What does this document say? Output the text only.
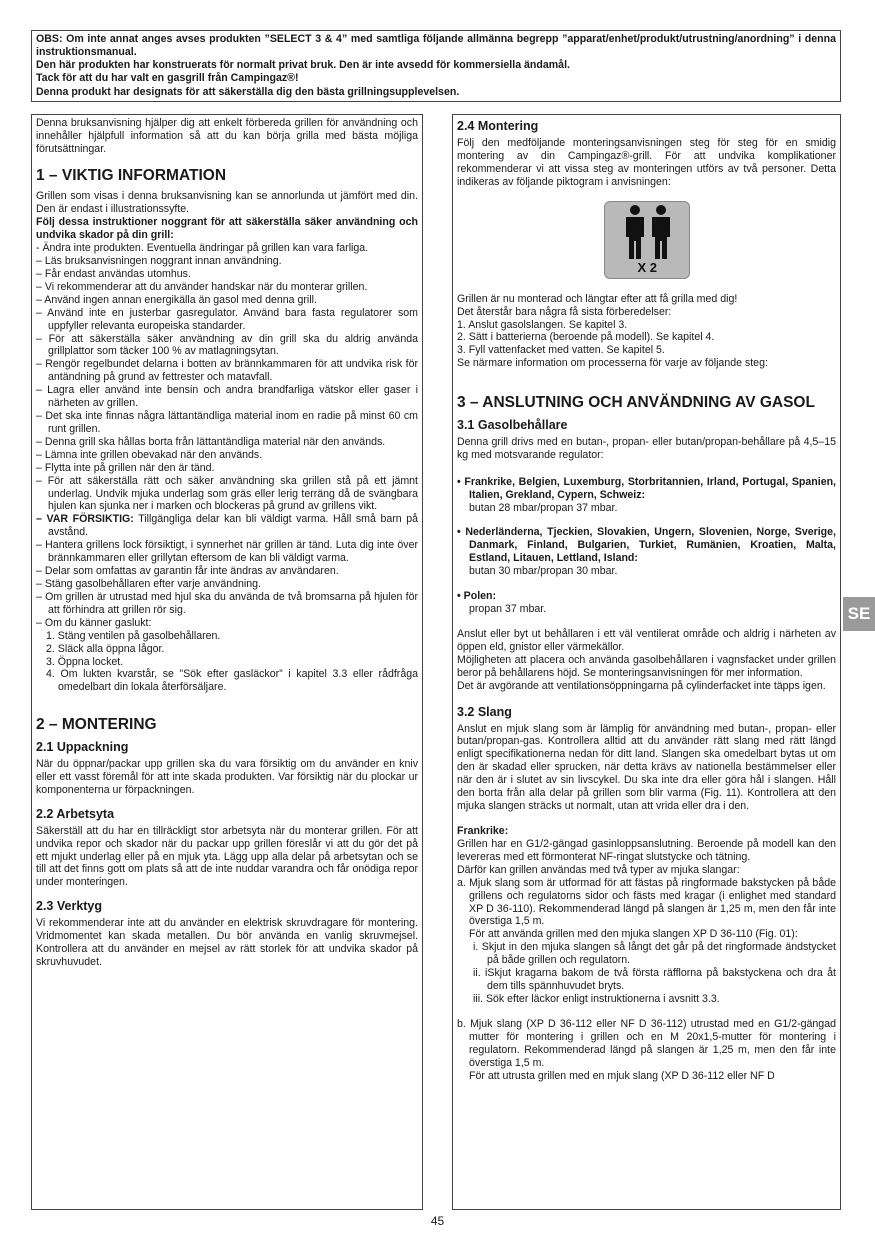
OBS: Om inte annat anges avses produkten ”SELECT 3 & 4” med samtliga följande allmänna begrepp ”apparat/enhet/produkt/utrustning/anordning” i denna instruktionsmanual.

Den här produkten har konstruerats för normalt privat bruk. Den är inte avsedd för kommersiella ändamål.

Tack för att du har valt en gasgrill från Campingaz®!

Denna produkt har designats för att säkerställa dig den bästa grillningsupplevelsen.

Denna bruksanvisning hjälper dig att enkelt förbereda grillen för användning och innehåller hjälpfull information så att du kan börja grilla med bästa möjliga förutsättningar.

1 – VIKTIG INFORMATION

Grillen som visas i denna bruksanvisning kan se annorlunda ut jämfört med din. Den är endast i illustrationssyfte.

Följ dessa instruktioner noggrant för att säkerställa säker användning och undvika skador på din grill:

- Ändra inte produkten. Eventuella ändringar på grillen kan vara farliga.
– Läs bruksanvisningen noggrant innan användning.
– Får endast användas utomhus.
– Vi rekommenderar att du använder handskar när du monterar grillen.
– Använd ingen annan energikälla än gasol med denna grill.
– Använd inte en justerbar gasregulator. Använd bara fasta regulatorer som uppfyller relevanta europeiska standarder.
– För att säkerställa säker användning av din grill ska du aldrig använda grillplattor som täcker 100 % av matlagningsytan.
– Rengör regelbundet delarna i botten av brännkammaren för att undvika risk för antändning på grund av fettrester och matavfall.
– Lagra eller använd inte bensin och andra brandfarliga vätskor eller gaser i närheten av grillen.
– Det ska inte finnas några lättantändliga material inom en radie på minst 60 cm runt grillen.
– Denna grill ska hållas borta från lättantändliga material när den används.
– Lämna inte grillen obevakad när den används.
– Flytta inte på grillen när den är tänd.
– För att säkerställa rätt och säker användning ska grillen stå på ett jämnt underlag. Undvik mjuka underlag som gräs eller lerig terräng då de svängbara hjulen kan sjunka ner i marken och blockeras på grund av grillens vikt.
– VAR FÖRSIKTIG: Tillgängliga delar kan bli väldigt varma. Håll små barn på avstånd.
– Hantera grillens lock försiktigt, i synnerhet när grillen är tänd. Luta dig inte över brännkammaren eller grillytan eftersom de kan bli väldigt varma.
– Delar som omfattas av garantin får inte ändras av användaren.
– Stäng gasolbehållaren efter varje användning.
– Om grillen är utrustad med hjul ska du använda de två bromsarna på hjulen för att förhindra att grillen rör sig.
– Om du känner gaslukt:
1. Stäng ventilen på gasolbehållaren.
2. Släck alla öppna lågor.
3. Öppna locket.
4. Om lukten kvarstår, se ”Sök efter gasläckor” i kapitel 3.3 eller rådfråga omedelbart din lokala återförsäljare.
2 – MONTERING
2.1 Uppackning

När du öppnar/packar upp grillen ska du vara försiktig om du använder en kniv eller ett vasst föremål för att inte skada produkten. Var försiktig när du plockar ur komponenterna ur förpackningen.

2.2 Arbetsyta

Säkerställ att du har en tillräckligt stor arbetsyta när du monterar grillen. För att undvika repor och skador när du packar upp grillen föreslår vi att du gör det på ett mjukt underlag eller på en mjuk yta. Lägg upp alla delar på arbetsytan och se till att det finns gott om plats så att de inte nuddar varandra och får onödiga repor under monteringen.

2.3 Verktyg

Vi rekommenderar inte att du använder en elektrisk skruvdragare för montering. Vridmomentet kan skada metallen. Du bör använda en vanlig skruvmejsel. Kontrollera att du använder en mejsel av rätt storlek för att undvika skador på skruvhuvudet.

2.4 Montering

Följ den medföljande monteringsanvisningen steg för steg för en smidig montering av din Campingaz®-grill. För att undvika komplikationer rekommenderar vi att vissa steg av monteringen utförs av två personer. Detta indikeras av följande piktogram i anvisningen:

X 2

Grillen är nu monterad och längtar efter att få grilla med dig!

Det återstår bara några få sista förberedelser:

1. Anslut gasolslangen. Se kapitel 3.

2. Sätt i batterierna (beroende på modell). Se kapitel 4.

3. Fyll vattenfacket med vatten. Se kapitel 5.

Se närmare information om processerna för varje av följande steg:

3 – ANSLUTNING OCH ANVÄNDNING AV GASOL
3.1 Gasolbehållare

Denna grill drivs med en butan-, propan- eller butan/propan-behållare på 4,5–15 kg med motsvarande regulator:

• Frankrike, Belgien, Luxemburg, Storbritannien, Irland, Portugal, Spanien, Italien, Grekland, Cypern, Schweiz:
butan 28 mbar/propan 37 mbar.
• Nederländerna, Tjeckien, Slovakien, Ungern, Slovenien, Norge, Sverige, Danmark, Finland, Bulgarien, Turkiet, Rumänien, Kroatien, Malta, Estland, Litauen, Lettland, Island:
butan 30 mbar/propan 30 mbar.
• Polen:
propan 37 mbar.

Anslut eller byt ut behållaren i ett väl ventilerat område och aldrig i närheten av öppen eld, gnistor eller värmekällor.

Möjligheten att placera och använda gasolbehållaren i vagnsfacket under grillen beror på behållarens höjd. Se monteringsanvisningen för mer information.

Det är avgörande att ventilationsöppningarna på cylinderfacket inte täpps igen.

3.2 Slang

Anslut en mjuk slang som är lämplig för användning med butan-, propan- eller butan/propan-gas. Kontrollera alltid att du använder rätt slang med rätt längd enligt specifikationerna nedan för ditt land. Slangen ska omedelbart bytas ut om den är skadad eller sprucken, när detta krävs av nationella bestämmelser eller när den är i slutet av sin livscykel. Du ska inte dra eller göra hål i slangen. Håll den borta från alla delar på grillen som blir varma (Fig. 11). Kontrollera att den mjuka slangen sträcks ut normalt, utan att vrida eller dra i den.

Frankrike:

Grillen har en G1/2-gängad gasinloppsanslutning. Beroende på modell kan den levereras med ett förmonterat NF-ringat slutstycke och tätning.

Därför kan grillen användas med två typer av mjuka slangar:

a. Mjuk slang som är utformad för att fästas på ringformade bakstycken på både grillens och regulatorns sidor och fästs med kragar (i enlighet med standard XP D 36-110). Rekommenderad längd på slangen är 1,25 m, men den får inte överstiga 1,5 m.

För att använda grillen med den mjuka slangen XP D 36-110 (Fig. 01):

i. Skjut in den mjuka slangen så långt det går på det ringformade ändstycket på både grillen och regulatorn.

ii. iSkjut kragarna bakom de två första räfflorna på bakstyckena och dra åt dem tills spännhuvudet bryts.

iii. Sök efter läckor enligt instruktionerna i avsnitt 3.3.

b. Mjuk slang (XP D 36-112 eller NF D 36-112) utrustad med en G1/2-gängad mutter för montering i grillen och en M 20x1,5-mutter för montering i regulatorn. Rekommenderad längd på slangen är 1,25 m, men den får inte överstiga 1,5 m.

För att utrusta grillen med en mjuk slang (XP D 36-112 eller NF D

SE
45
